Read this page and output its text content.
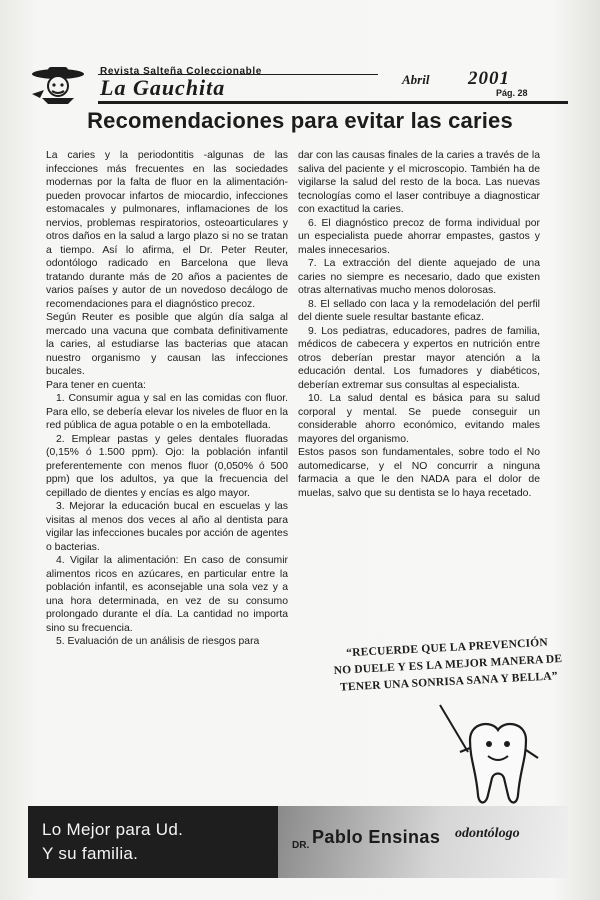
Revista Salteña Coleccionable
La Gauchita	Abril 2001
Pág. 28
Recomendaciones para evitar las caries

La caries y la periodontitis -algunas de las infecciones más frecuentes en las sociedades modernas por la falta de fluor en la alimentación- pueden provocar infartos de miocardio, infecciones estomacales y pulmonares, inflamaciones de los nervios, problemas respiratorios, osteoarticulares y otros daños en la salud a largo plazo si no se tratan a tiempo. Así lo afirma, el Dr. Peter Reuter, odontólogo radicado en Barcelona que lleva tratando durante más de 20 años a pacientes de varios países y autor de un novedoso decálogo de recomendaciones para el diagnóstico precoz.

Según Reuter es posible que algún día salga al mercado una vacuna que combata definitivamente la caries, al estudiarse las bacterias que atacan nuestro organismo y causan las infecciones bucales.

Para tener en cuenta:

1. Consumir agua y sal en las comidas con fluor. Para ello, se debería elevar los niveles de fluor en la red pública de agua potable o en la embotellada.

2. Emplear pastas y geles dentales fluoradas (0,15% ó 1.500 ppm). Ojo: la población infantil preferentemente con menos fluor (0,050% ó 500 ppm) que los adultos, ya que la frecuencia del cepillado de dientes y encías es algo mayor.

3. Mejorar la educación bucal en escuelas y las visitas al menos dos veces al año al dentista para vigilar las infecciones bucales por acción de agentes o bacterias.

4. Vigilar la alimentación: En caso de consumir alimentos ricos en azúcares, en particular entre la población infantil, es aconsejable una sola vez y a una hora determinada, en vez de su consumo prolongado durante el día. La cantidad no importa sino su frecuencia.

5. Evaluación de un análisis de riesgos para

dar con las causas finales de la caries a través de la saliva del paciente y el microscopio. También ha de vigilarse la salud del resto de la boca. Las nuevas tecnologías como el laser contribuye a diagnosticar con exactitud la caries.

6. El diagnóstico precoz de forma individual por un especialista puede ahorrar empastes, gastos y males innecesarios.

7. La extracción del diente aquejado de una caries no siempre es necesario, dado que existen otras alternativas mucho menos dolorosas.

8. El sellado con laca y la remodelación del perfil del diente suele resultar bastante eficaz.

9. Los pediatras, educadores, padres de familia, médicos de cabecera y expertos en nutrición entre otros deberían prestar mayor atención a la educación dental. Los fumadores y diabéticos, deberían extremar sus consultas al especialista.

10. La salud dental es básica para su salud corporal y mental. Se puede conseguir un considerable ahorro económico, evitando males mayores del organismo.

Estos pasos son fundamentales, sobre todo el No automedicarse, y el NO concurrir a ninguna farmacia a que le den NADA para el dolor de muelas, salvo que su dentista se lo haya recetado.

“RECUERDE QUE LA PREVENCIÓN
NO DUELE Y ES LA MEJOR MANERA DE
TENER UNA SONRISA SANA Y BELLA”
Lo Mejor para Ud.
Y su familia.	DR. Pablo Ensinas odontólogo
